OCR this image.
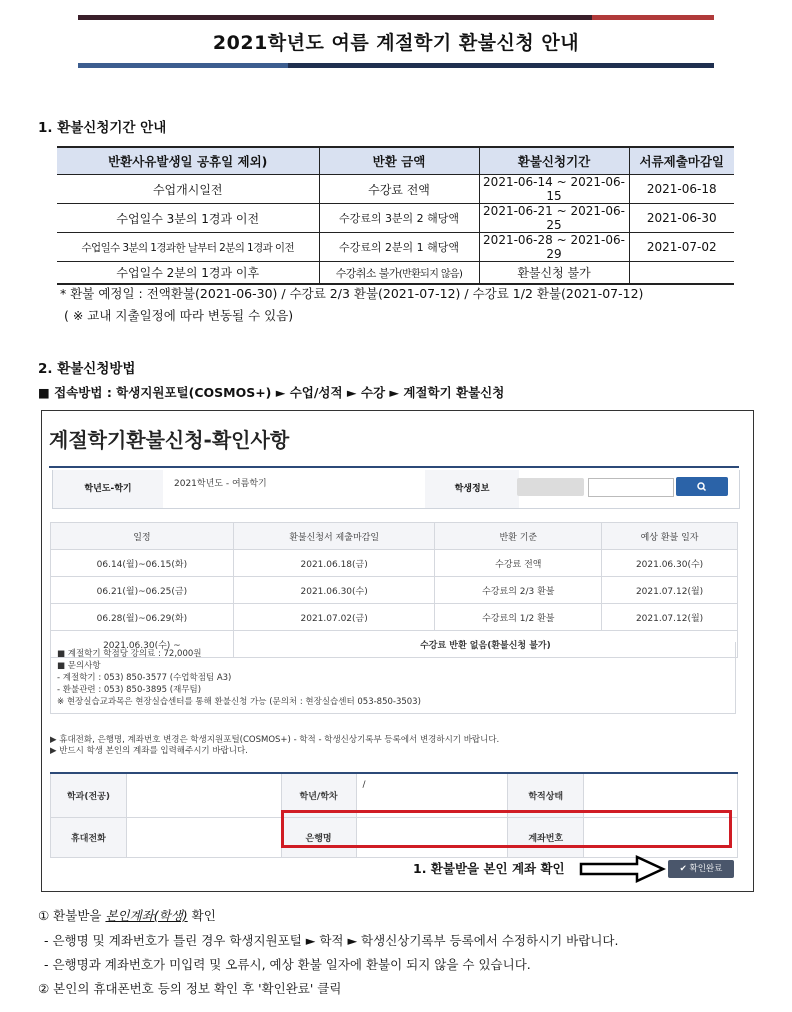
2021학년도 여름 계절학기 환불신청 안내
1. 환불신청기간 안내
반환사유발생일 공휴일 제외)	반환 금액	환불신청기간	서류제출마감일
수업개시일전	수강료 전액	2021-06-14 ~ 2021-06-15	2021-06-18
수업일수 3분의 1경과 이전	수강료의 3분의 2 해당액	2021-06-21 ~ 2021-06-25	2021-06-30
수업일수 3분의 1경과한 날부터 2분의 1경과 이전	수강료의 2분의 1 해당액	2021-06-28 ~ 2021-06-29	2021-07-02
수업일수 2분의 1경과 이후	수강취소 불가(반환되지 않음)	환불신청 불가	
* 환불 예정일 : 전액환불(2021-06-30) / 수강료 2/3 환불(2021-07-12) / 수강료 1/2 환불(2021-07-12)
( ※ 교내 지출일정에 따라 변동될 수 있음)
2. 환불신청방법
■ 접속방법 : 학생지원포털(COSMOS+) ► 수업/성적 ► 수강 ► 계절학기 환불신청
계절학기환불신청-확인사항
학년도-학기	2021학년도 - 여름학기	학생정보
일정	환불신청서 제출마감일	반환 기준	예상 환불 일자
06.14(월)~06.15(화)	2021.06.18(금)	수강료 전액	2021.06.30(수)
06.21(월)~06.25(금)	2021.06.30(수)	수강료의 2/3 환불	2021.07.12(월)
06.28(월)~06.29(화)	2021.07.02(금)	수강료의 1/2 환불	2021.07.12(월)
2021.06.30(수) ~	수강료 반환 없음(환불신청 불가)		
■ 계절학기 학점당 강의료 : 72,000원
■ 문의사항
- 계절학기 : 053) 850-3577 (수업학점팀 A3)
- 환불관련 : 053) 850-3895 (재무팀)
※ 현장실습교과목은 현장실습센터를 통해 환불신청 가능 (문의처 : 현장실습센터 053-850-3503)
▶ 휴대전화, 은행명, 계좌번호 변경은 학생지원포털(COSMOS+) - 학적 - 학생신상기록부 등록에서 변경하시기 바랍니다.
▶ 반드시 학생 본인의 계좌를 입력해주시기 바랍니다.
학과(전공)		학년/학차	/	학적상태	
휴대전화		은행명		계좌번호	
1. 환불받을 본인 계좌 확인	✔ 확인완료
① 환불받을 본인계좌(학생) 확인
- 은행명 및 계좌번호가 틀린 경우 학생지원포털 ► 학적 ► 학생신상기록부 등록에서 수정하시기 바랍니다.
- 은행명과 계좌번호가 미입력 및 오류시, 예상 환불 일자에 환불이 되지 않을 수 있습니다.
② 본인의 휴대폰번호 등의 정보 확인 후 '확인완료' 클릭
